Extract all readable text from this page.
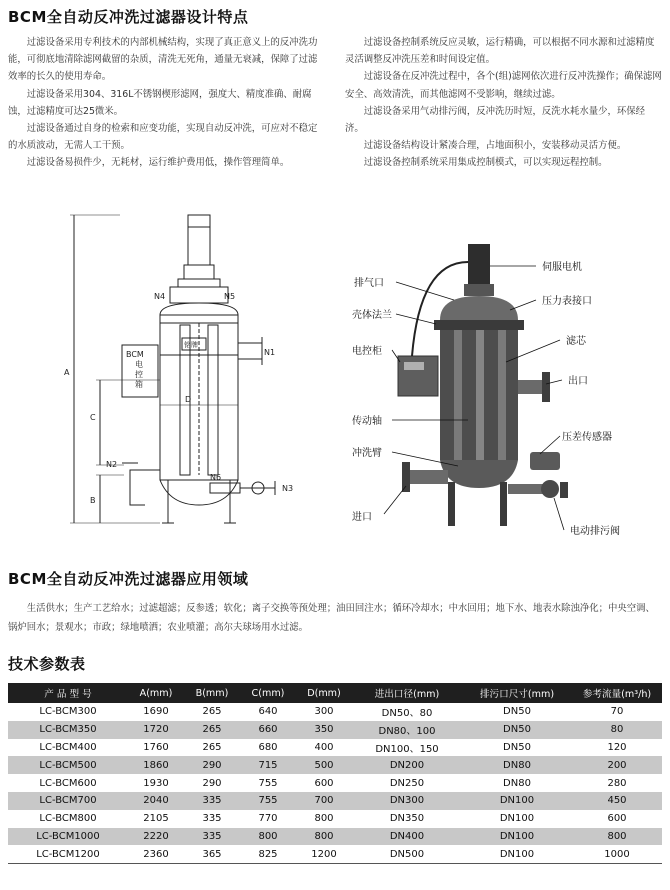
BCM全自动反冲洗过滤器设计特点

过滤设备采用专利技术的内部机械结构，实现了真正意义上的反冲洗功能，可彻底地清除滤网截留的杂质，清洗无死角，通量无衰减，保障了过滤效率的长久的使用寿命。

过滤设备采用304、316L不锈钢楔形滤网，强度大、精度准确、耐腐蚀，过滤精度可达25微米。

过滤设备通过自身的检索和应变功能，实现自动反冲洗，可应对不稳定的水质波动，无需人工干预。

过滤设备易损件少，无耗材，运行维护费用低，操作管理简单。

过滤设备控制系统反应灵敏，运行精确，可以根据不同水源和过滤精度灵活调整反冲洗压差和时间设定值。

过滤设备在反冲洗过程中，各个(组)滤网依次进行反冲洗操作；确保滤网安全、高效清洗，而其他滤网不受影响，继续过滤。

过滤设备采用气动排污阀，反冲洗历时短，反洗水耗水量少，环保经济。

过滤设备结构设计紧凑合理，占地面积小，安装移动灵活方便。

过滤设备控制系统采用集成控制模式，可以实现远程控制。

A
C
B
D
N1
N2
N3
N4	N5
N6
BCM
电
控
箱
铭牌
排气口
伺服电机
壳体法兰
压力表接口
电控柜
滤芯
出口
传动轴
冲洗臂
压差传感器
进口
电动排污阀
BCM全自动反冲洗过滤器应用领域
生活供水；生产工艺给水；过滤超滤；反参透；软化；离子交换等预处理；油田回注水；循环冷却水；中水回用；地下水、地表水除浊净化；中央空调、锅炉回水；景观水；市政；绿地喷洒；农业喷灌；高尔夫球场用水过滤。
技术参数表
产 品 型 号	A(mm)	B(mm)	C(mm)	D(mm)	进出口径(mm)	排污口尺寸(mm)	参考流量(m³/h)
LC-BCM300	1690	265	640	300	DN50、80	DN50	70
LC-BCM350	1720	265	660	350	DN80、100	DN50	80
LC-BCM400	1760	265	680	400	DN100、150	DN50	120
LC-BCM500	1860	290	715	500	DN200	DN80	200
LC-BCM600	1930	290	755	600	DN250	DN80	280
LC-BCM700	2040	335	755	700	DN300	DN100	450
LC-BCM800	2105	335	770	800	DN350	DN100	600
LC-BCM1000	2220	335	800	800	DN400	DN100	800
LC-BCM1200	2360	365	825	1200	DN500	DN100	1000
